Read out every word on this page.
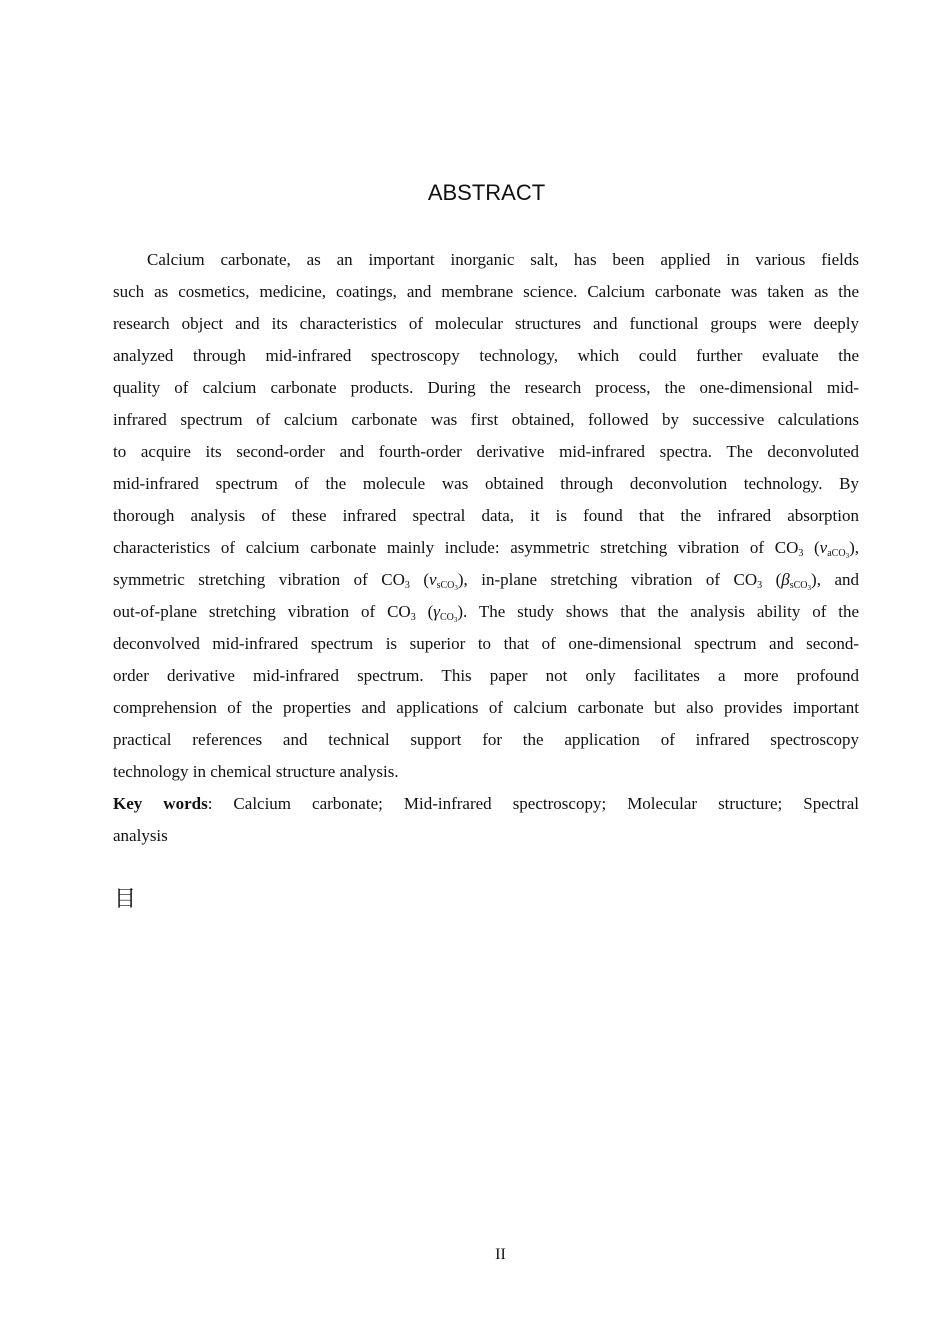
ABSTRACT
Calcium carbonate, as an important inorganic salt, has been applied in various fields
such as cosmetics, medicine, coatings, and membrane science. Calcium carbonate was taken as the
research object and its characteristics of molecular structures and functional groups were deeply
analyzed through mid-infrared spectroscopy technology, which could further evaluate the
quality of calcium carbonate products. During the research process, the one-dimensional mid-
infrared spectrum of calcium carbonate was first obtained, followed by successive calculations
to acquire its second-order and fourth-order derivative mid-infrared spectra. The deconvoluted
mid-infrared spectrum of the molecule was obtained through deconvolution technology. By
thorough analysis of these infrared spectral data, it is found that the infrared absorption
characteristics of calcium carbonate mainly include: asymmetric stretching vibration of $CO_3$ $(\nu_{aCO_3})$,
symmetric stretching vibration of $CO_3$ $(\nu_{sCO_3})$, in-plane stretching vibration of $CO_3$ $(\beta_{sCO_3})$, and
out-of-plane stretching vibration of $CO_3$ $(\gamma_{CO_3})$. The study shows that the analysis ability of the
deconvolved mid-infrared spectrum is superior to that of one-dimensional spectrum and second-
order derivative mid-infrared spectrum. This paper not only facilitates a more profound
comprehension of the properties and applications of calcium carbonate but also provides important
practical references and technical support for the application of infrared spectroscopy
technology in chemical structure analysis.
Key words: Calcium carbonate; Mid-infrared spectroscopy; Molecular structure; Spectral
analysis
目
II
